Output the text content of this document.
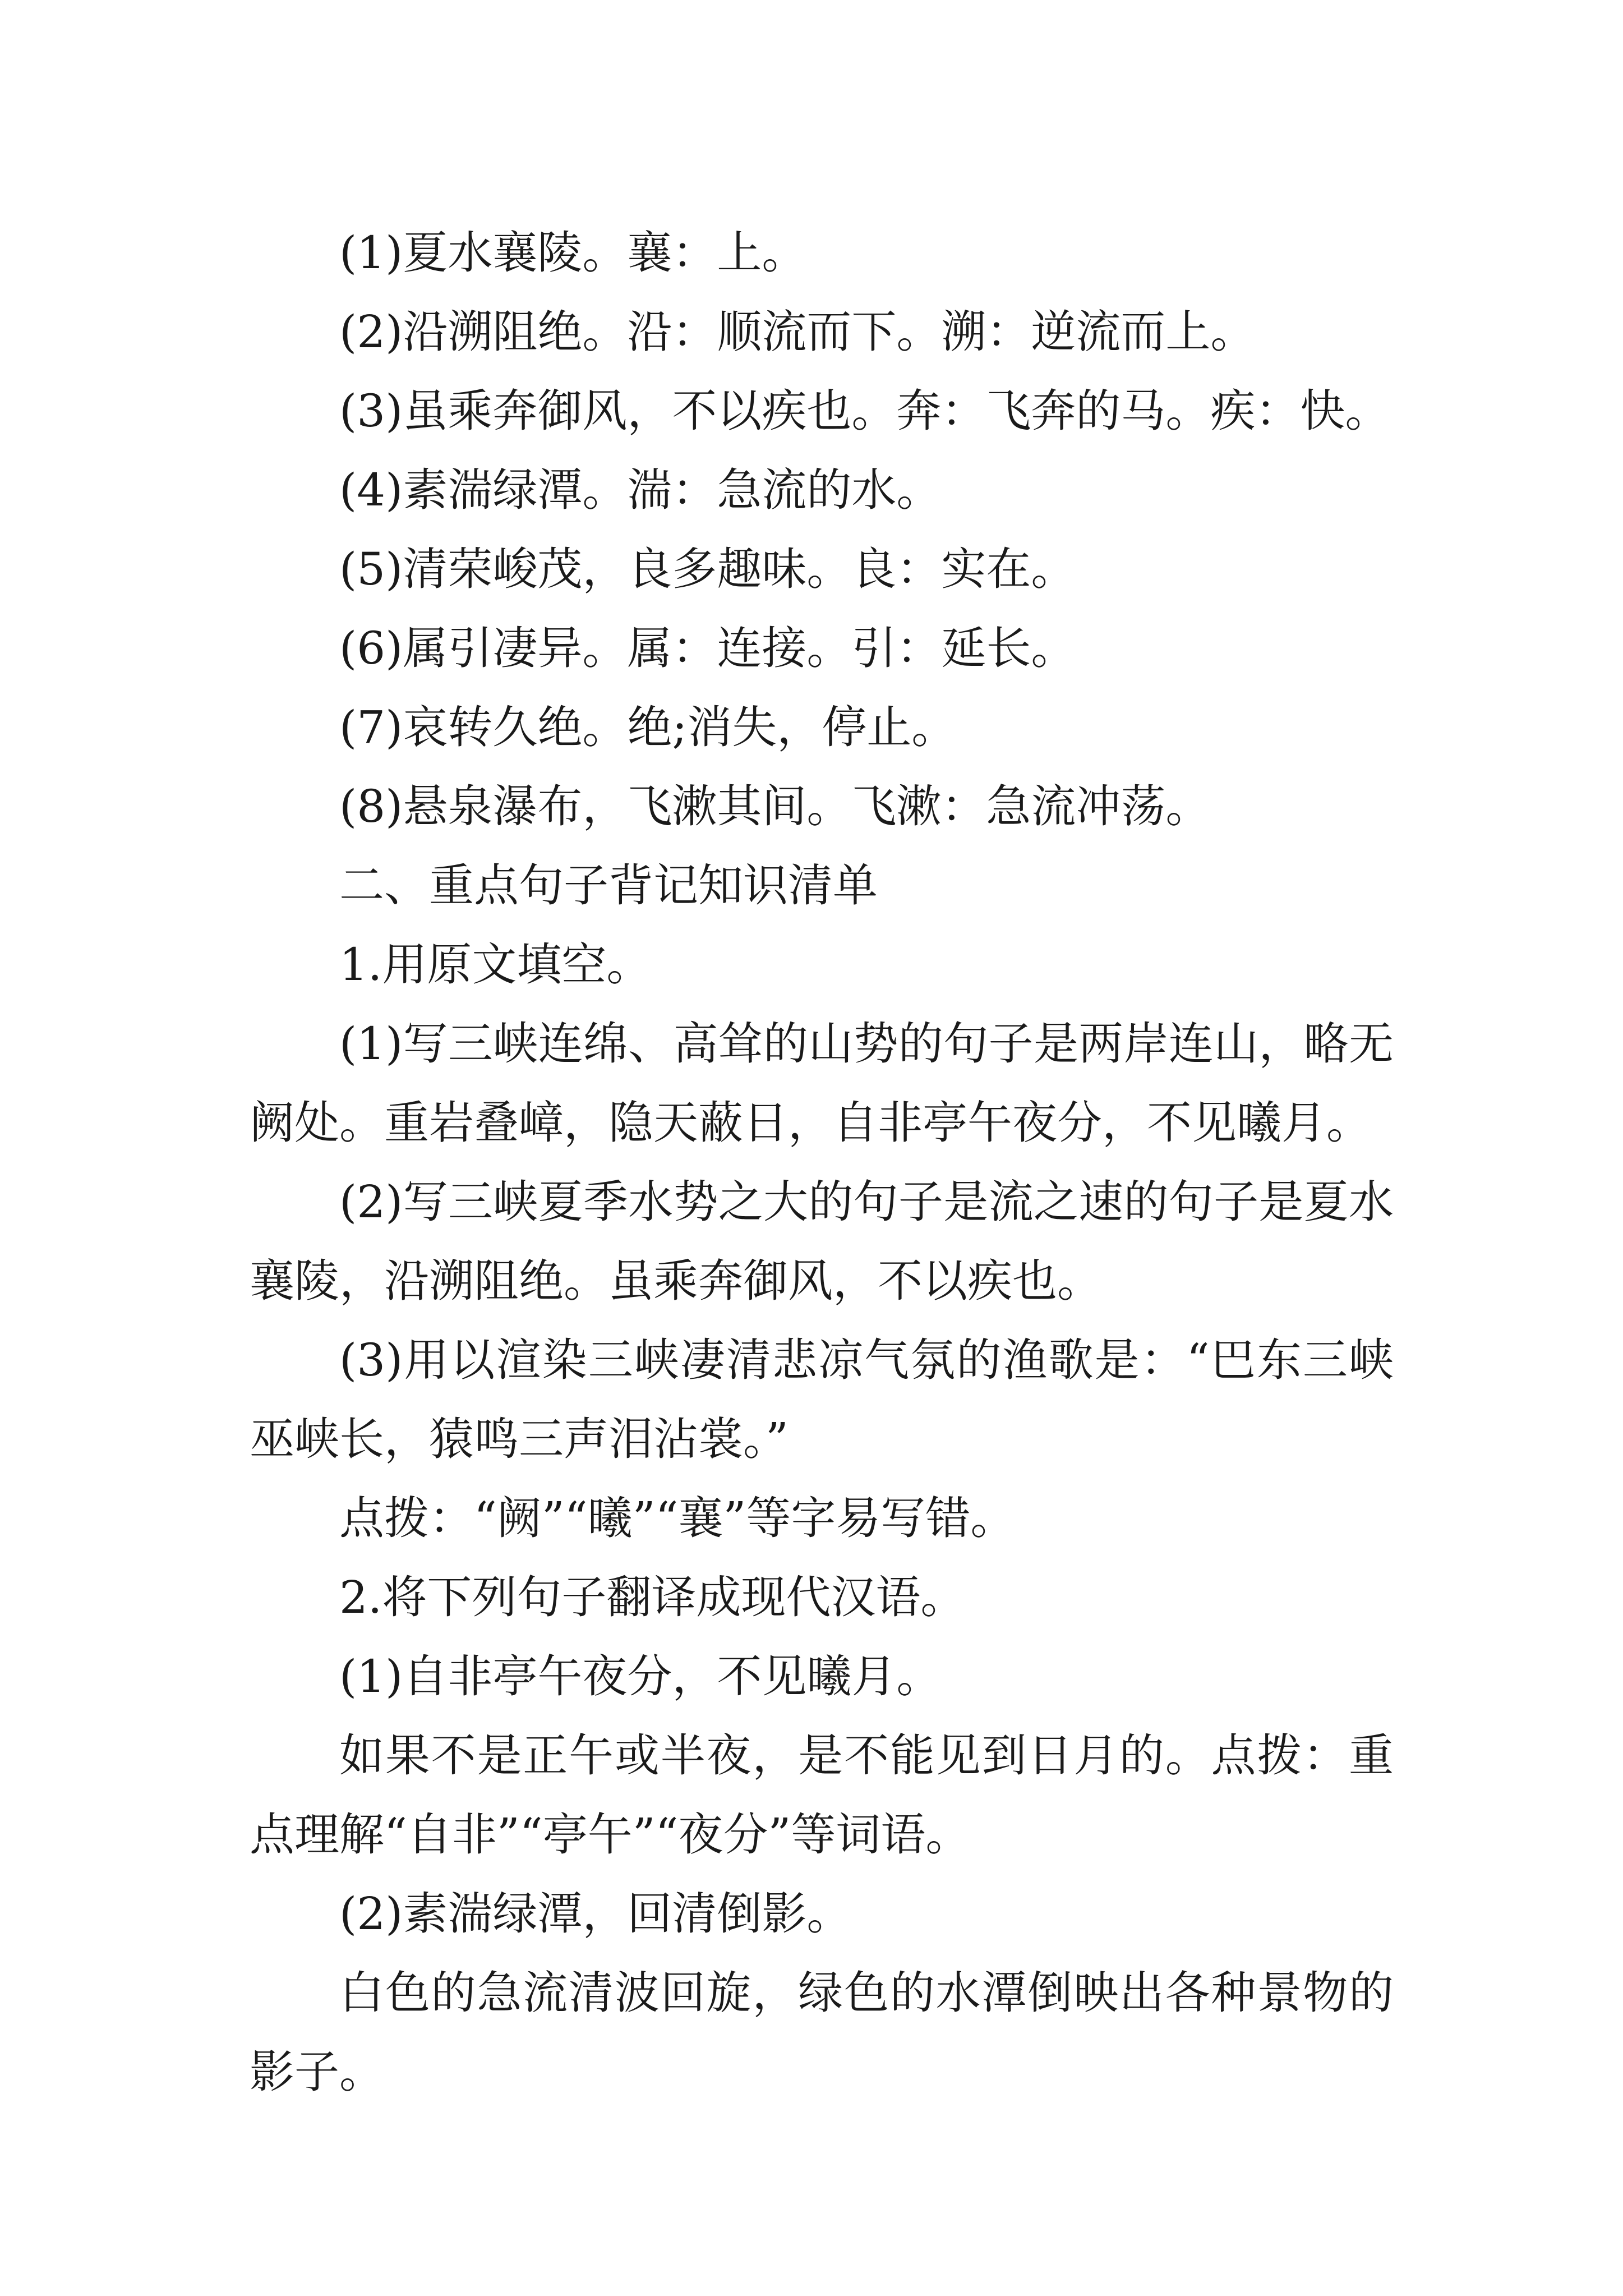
(1)夏水襄陵。襄：上。

(2)沿溯阻绝。沿：顺流而下。溯：逆流而上。

(3)虽乘奔御风，不以疾也。奔：飞奔的马。疾：快。

(4)素湍绿潭。湍：急流的水。

(5)清荣峻茂，良多趣味。良：实在。

(6)属引凄异。属：连接。引：延长。

(7)哀转久绝。绝;消失，停止。

(8)悬泉瀑布，飞漱其间。飞漱：急流冲荡。

二、重点句子背记知识清单

1.用原文填空。

(1)写三峡连绵、高耸的山势的句子是两岸连山，略无阙处。重岩叠嶂，隐天蔽日，自非亭午夜分，不见曦月。

(2)写三峡夏季水势之大的句子是流之速的句子是夏水襄陵，沿溯阻绝。虽乘奔御风，不以疾也。

(3)用以渲染三峡凄清悲凉气氛的渔歌是：“巴东三峡巫峡长，猿鸣三声泪沾裳。”

点拨：“阙”“曦”“襄”等字易写错。

2.将下列句子翻译成现代汉语。

(1)自非亭午夜分，不见曦月。

如果不是正午或半夜，是不能见到日月的。点拨：重点理解“自非”“亭午”“夜分”等词语。

(2)素湍绿潭，回清倒影。

白色的急流清波回旋，绿色的水潭倒映出各种景物的影子。
